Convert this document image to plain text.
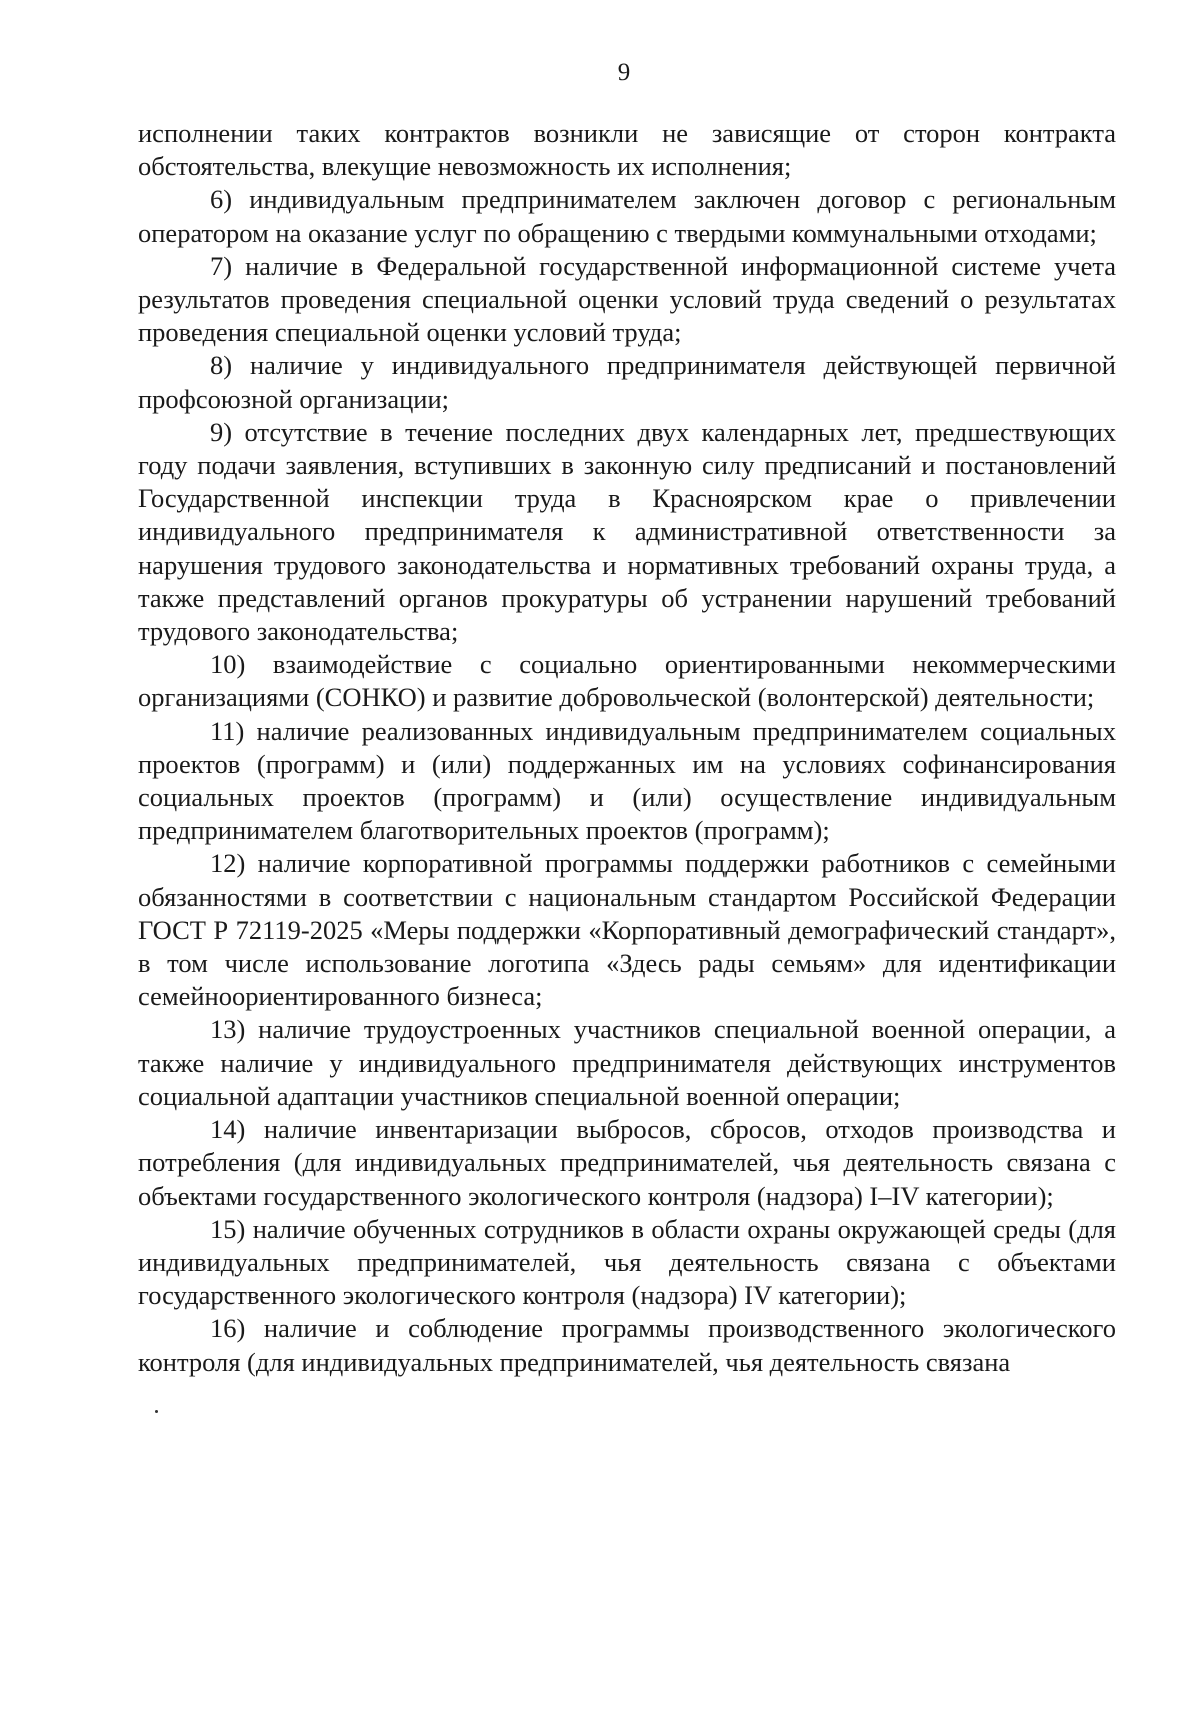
9

исполнении таких контрактов возникли не зависящие от сторон контракта обстоятельства, влекущие невозможность их исполнения;

6) индивидуальным предпринимателем заключен договор с региональным оператором на оказание услуг по обращению с твердыми коммунальными отходами;

7) наличие в Федеральной государственной информационной системе учета результатов проведения специальной оценки условий труда сведений о результатах проведения специальной оценки условий труда;

8) наличие у индивидуального предпринимателя действующей первичной профсоюзной организации;

9) отсутствие в течение последних двух календарных лет, предшествующих году подачи заявления, вступивших в законную силу предписаний и постановлений Государственной инспекции труда в Красноярском крае о привлечении индивидуального предпринимателя к административной ответственности за нарушения трудового законодательства и нормативных требований охраны труда, а также представлений органов прокуратуры об устранении нарушений требований трудового законодательства;

10) взаимодействие с социально ориентированными некоммерческими организациями (СОНКО) и развитие добровольческой (волонтерской) деятельности;

11) наличие реализованных индивидуальным предпринимателем социальных проектов (программ) и (или) поддержанных им на условиях софинансирования социальных проектов (программ) и (или) осуществление индивидуальным предпринимателем благотворительных проектов (программ);

12) наличие корпоративной программы поддержки работников с семейными обязанностями в соответствии с национальным стандартом Российской Федерации ГОСТ Р 72119-2025 «Меры поддержки «Корпоративный демографический стандарт», в том числе использование логотипа «Здесь рады семьям» для идентификации семейноориентированного бизнеса;

13) наличие трудоустроенных участников специальной военной операции, а также наличие у индивидуального предпринимателя действующих инструментов социальной адаптации участников специальной военной операции;

14) наличие инвентаризации выбросов, сбросов, отходов производства и потребления (для индивидуальных предпринимателей, чья деятельность связана с объектами государственного экологического контроля (надзора) I–IV категории);

15) наличие обученных сотрудников в области охраны окружающей среды (для индивидуальных предпринимателей, чья деятельность связана с объектами государственного экологического контроля (надзора) IV категории);

16) наличие и соблюдение программы производственного экологического контроля (для индивидуальных предпринимателей, чья деятельность связана
